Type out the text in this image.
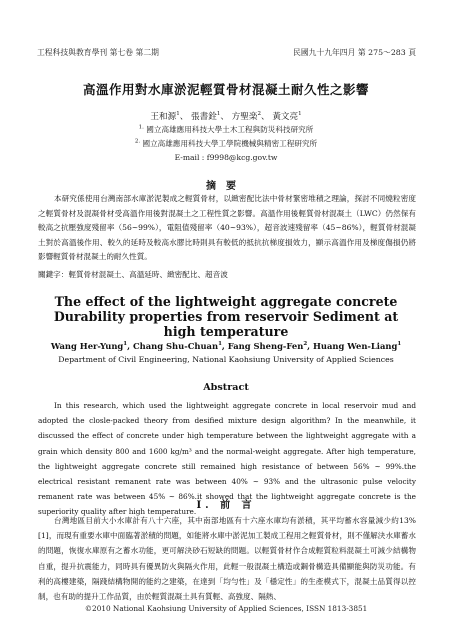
工程科技與教育學刊 第七卷 第二期	民國九十九年四月 第 275～283 頁
高溫作用對水庫淤泥輕質骨材混凝土耐久性之影響
王和源$^1$、 張書銓$^1$、 方聖楽$^2$、 黃文亮$^1$
$^{1.}$ 國立高雄應用科技大學土木工程與防災科技研究所
$^{2.}$ 國立高雄應用科技大學工學院機械與精密工程研究所
E-mail : f9998@kcg.gov.tw
摘要
本研究係使用台灣南部水庫淤泥製成之輕質骨材，以緻密配比法中骨材緊密堆積之理論，探討不同燒粒密度之輕質骨材及混凝骨材受高溫作用後對混凝土之工程性質之影響。高溫作用後輕質骨材混凝土（LWC）仍然保有較高之抗壓強度殘留率（56~99%），電阻值殘留率（40~93%），超音波速殘留率（45~86%），輕質骨材混凝土對於高溫後作用、較久的延時及較高水膠比時則具有較低的抵抗抗梯度損效力，顯示高溫作用及梯度傷損仍將影響輕質骨材混凝土的耐久性質。
關鍵字：輕質骨材混凝土、高溫延時、緻密配比、超音波
The effect of the lightweight aggregate concrete Durability properties from reservoir Sediment at high temperature
Wang Her-Yung$^1$, Chang Shu-Chuan$^1$, Fang Sheng-Fen$^2$, Huang Wen-Liang$^1$
Department of Civil Engineering, National Kaohsiung University of Applied Sciences
Abstract
In this research, which used the lightweight aggregate concrete in local reservoir mud and adopted the closle-packed theory from desified mixture design algorithm? In the meanwhile, it discussed the effect of concrete under high temperature between the lightweight aggregate with a grain which density 800 and 1600 kg/m³ and the normal-weight aggregate. After high temperature, the lightweight aggregate concrete still remained high resistance of between 56% ~ 99%.the electrical resistant remanent rate was between 40% ~ 93% and the ultrasonic pulse velocity remanent rate was between 45% ~ 86%.it showed that the lightweight aggregate concrete is the superiority quality after high temperature.
I. 前 言
台灣地區目前大小水庫計有八十六座，其中南部地區有十六座水庫均有淤積，其平均蓄水容量減少約13% [1]，而現有重要水庫中面臨著淤積的問題，如能將水庫中淤泥加工製成工程用之輕質骨材，則不僅解決水庫蓄水的問題，恢復水庫原有之蓄水功能，更可解決砂石短缺的問題。以輕質骨材作合成輕質粒料混凝土可減少結構物自重，提升抗震能力，同時具有優異防火與隔火作用，此輕一般混凝土構造或鋼骨構造具備顯能與防災功能。有利的高樓建築，隔踐結構物開的能約之建築，在達到「均勻性」及「穩定性」的生產模式下，混凝土品質得以控制，也有助的提升工作品質，由於輕質混凝土具有質輕、高強度、隔熱、
©2010 National Kaohsiung University of Applied Sciences, ISSN 1813-3851
